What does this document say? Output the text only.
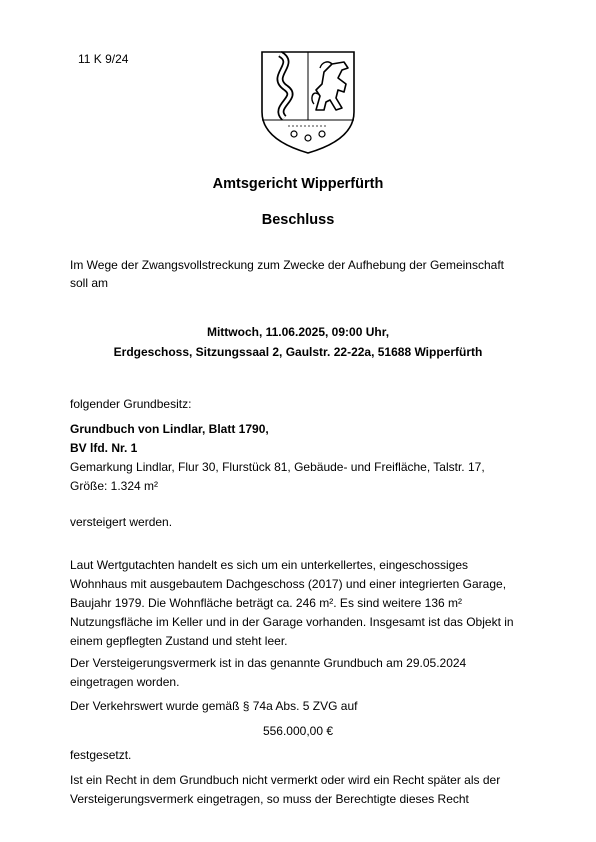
11 K 9/24
Amtsgericht Wipperfürth
Beschluss
Im Wege der Zwangsvollstreckung zum Zwecke der Aufhebung der Gemeinschaft
soll am
Mittwoch, 11.06.2025, 09:00 Uhr,
Erdgeschoss, Sitzungssaal 2, Gaulstr. 22-22a, 51688 Wipperfürth
folgender Grundbesitz:
Grundbuch von Lindlar, Blatt 1790,
BV lfd. Nr. 1
Gemarkung Lindlar, Flur 30, Flurstück 81, Gebäude- und Freifläche, Talstr. 17,
Größe: 1.324 m²
versteigert werden.
Laut Wertgutachten handelt es sich um ein unterkellertes, eingeschossiges
Wohnhaus mit ausgebautem Dachgeschoss (2017) und einer integrierten Garage,
Baujahr 1979. Die Wohnfläche beträgt ca. 246 m². Es sind weitere 136 m²
Nutzungsfläche im Keller und in der Garage vorhanden. Insgesamt ist das Objekt in
einem gepflegten Zustand und steht leer.
Der Versteigerungsvermerk ist in das genannte Grundbuch am 29.05.2024
eingetragen worden.
Der Verkehrswert wurde gemäß § 74a Abs. 5 ZVG auf
556.000,00 €
festgesetzt.
Ist ein Recht in dem Grundbuch nicht vermerkt oder wird ein Recht später als der
Versteigerungsvermerk eingetragen, so muss der Berechtigte dieses Recht
